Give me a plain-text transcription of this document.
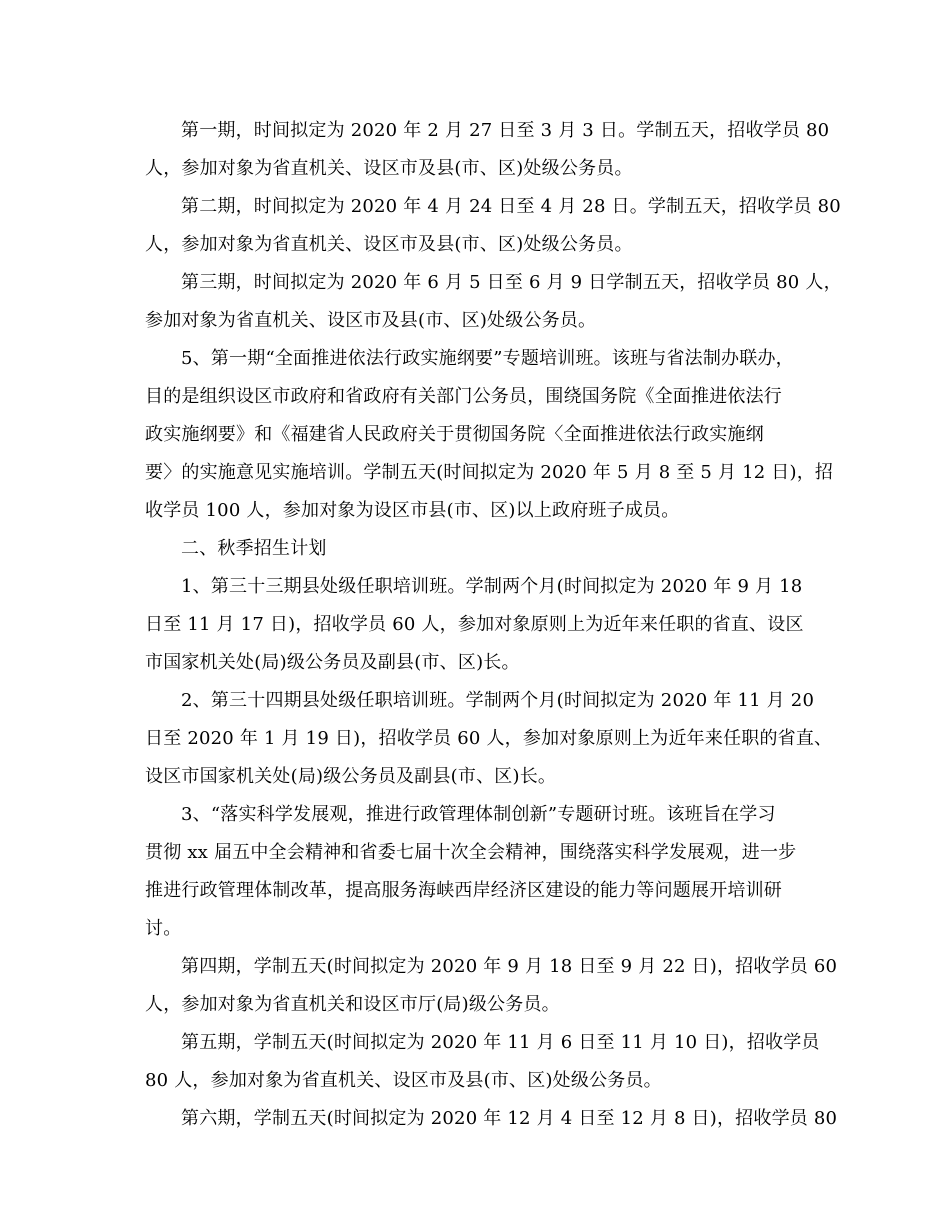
第一期，时间拟定为 2020 年 2 月 27 日至 3 月 3 日。学制五天，招收学员 80
人，参加对象为省直机关、设区市及县(市、区)处级公务员。
第二期，时间拟定为 2020 年 4 月 24 日至 4 月 28 日。学制五天，招收学员 80
人，参加对象为省直机关、设区市及县(市、区)处级公务员。
第三期，时间拟定为 2020 年 6 月 5 日至 6 月 9 日学制五天，招收学员 80 人，
参加对象为省直机关、设区市及县(市、区)处级公务员。
5、第一期“全面推进依法行政实施纲要”专题培训班。该班与省法制办联办，
目的是组织设区市政府和省政府有关部门公务员，围绕国务院《全面推进依法行
政实施纲要》和《福建省人民政府关于贯彻国务院〈全面推进依法行政实施纲
要〉的实施意见实施培训。学制五天(时间拟定为 2020 年 5 月 8 至 5 月 12 日)，招
收学员 100 人，参加对象为设区市县(市、区)以上政府班子成员。
二、秋季招生计划
1、第三十三期县处级任职培训班。学制两个月(时间拟定为 2020 年 9 月 18
日至 11 月 17 日)，招收学员 60 人，参加对象原则上为近年来任职的省直、设区
市国家机关处(局)级公务员及副县(市、区)长。
2、第三十四期县处级任职培训班。学制两个月(时间拟定为 2020 年 11 月 20
日至 2020 年 1 月 19 日)，招收学员 60 人，参加对象原则上为近年来任职的省直、
设区市国家机关处(局)级公务员及副县(市、区)长。
3、“落实科学发展观，推进行政管理体制创新”专题研讨班。该班旨在学习
贯彻 xx 届五中全会精神和省委七届十次全会精神，围绕落实科学发展观，进一步
推进行政管理体制改革，提高服务海峡西岸经济区建设的能力等问题展开培训研
讨。
第四期，学制五天(时间拟定为 2020 年 9 月 18 日至 9 月 22 日)，招收学员 60
人，参加对象为省直机关和设区市厅(局)级公务员。
第五期，学制五天(时间拟定为 2020 年 11 月 6 日至 11 月 10 日)，招收学员
80 人，参加对象为省直机关、设区市及县(市、区)处级公务员。
第六期，学制五天(时间拟定为 2020 年 12 月 4 日至 12 月 8 日)，招收学员 80
